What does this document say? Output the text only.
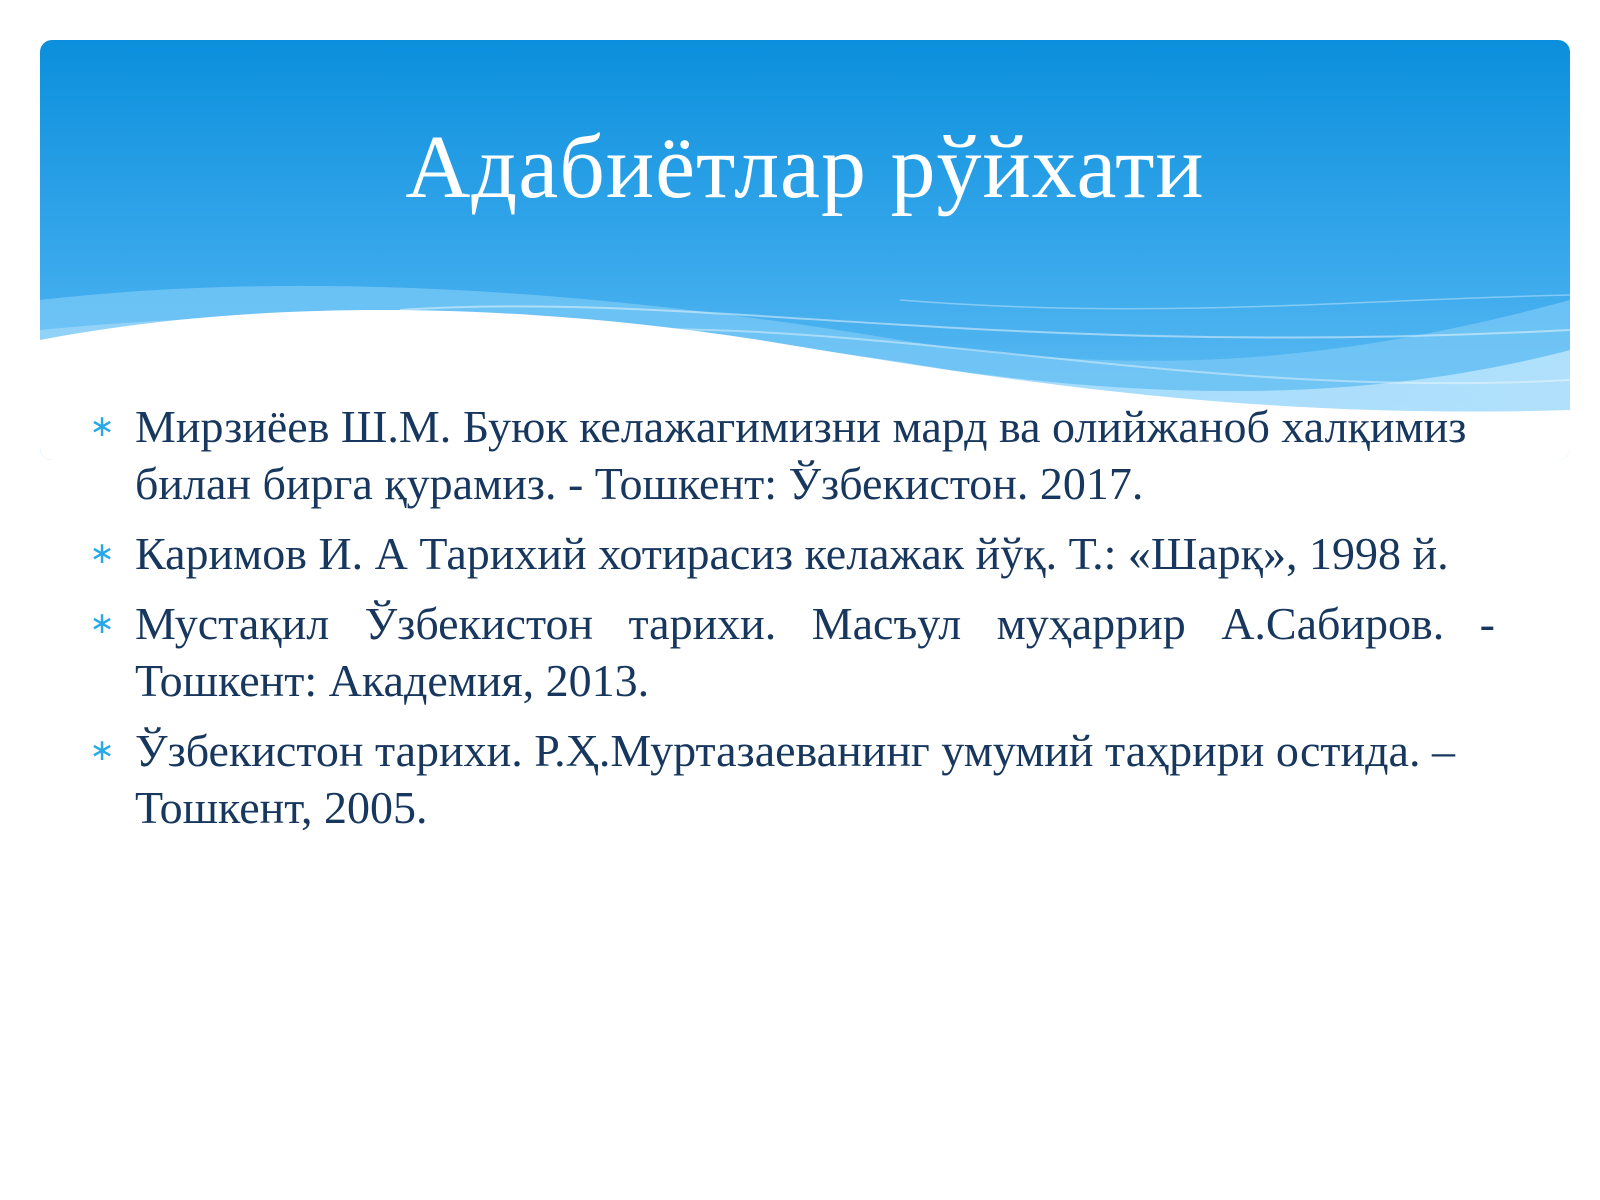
Адабиётлар рўйхати
∗ Мирзиёев Ш.М. Буюк келажагимизни мард ва олийжаноб халқимиз билан бирга қурамиз. - Тошкент: Ўзбекистон. 2017.
∗ Каримов И. А Тарихий хотирасиз келажак йўқ. Т.: «Шарқ», 1998 й.
∗ Мустақил Ўзбекистон тарихи. Масъул муҳаррир А.Сабиров. - Тошкент: Академия, 2013.
∗ Ўзбекистон тарихи. Р.Ҳ.Муртазаеванинг умумий таҳрири остида. – Тошкент, 2005.
